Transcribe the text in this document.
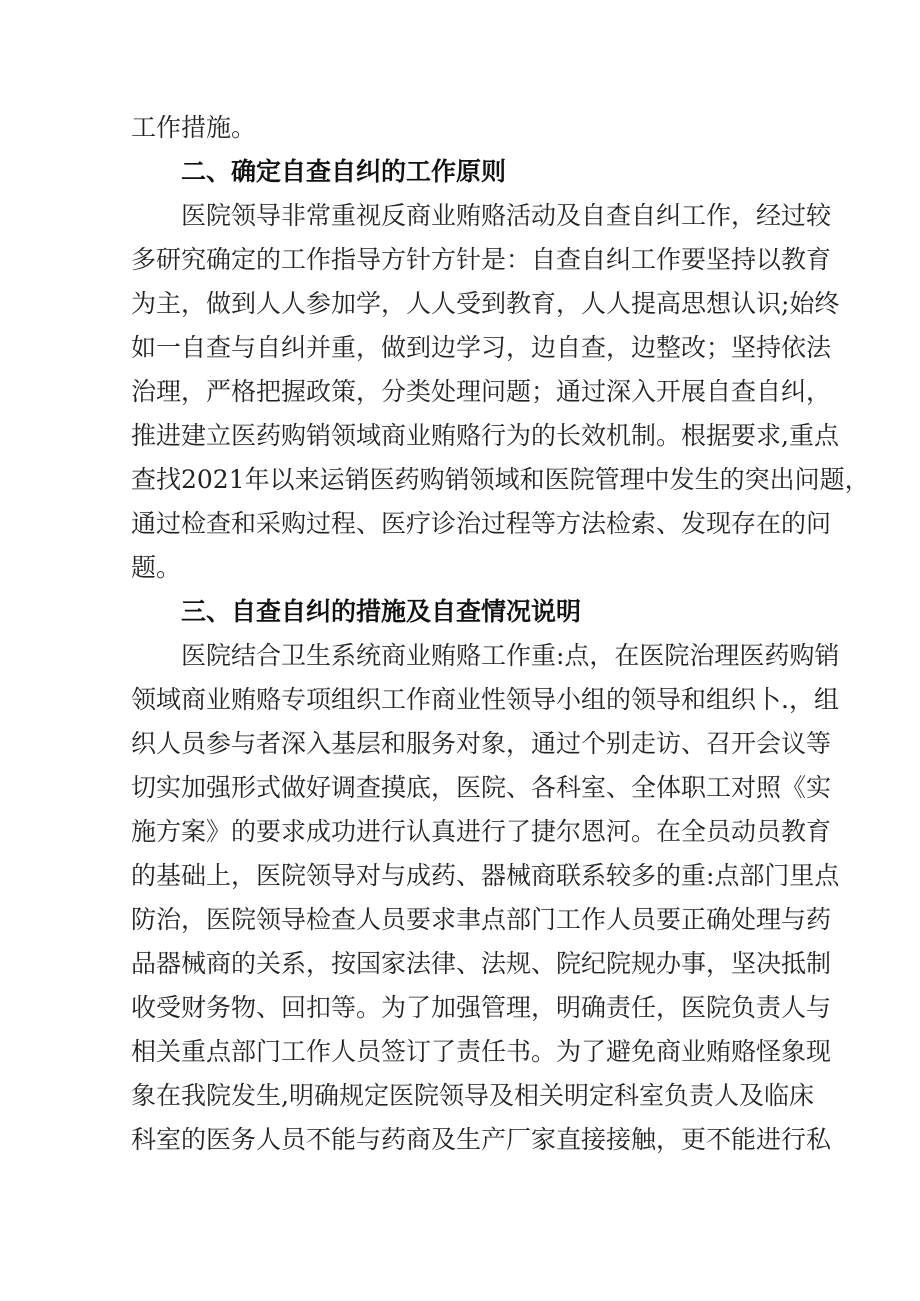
工作措施。
二、确定自查自纠的工作原则
医院领导非常重视反商业贿赂活动及自查自纠工作，经过较
多研究确定的工作指导方针方针是：自查自纠工作要坚持以教育
为主，做到人人参加学，人人受到教育，人人提高思想认识;始终
如一自查与自纠并重，做到边学习，边自查，边整改；坚持依法
治理，严格把握政策，分类处理问题；通过深入开展自查自纠，
推进建立医药购销领域商业贿赂行为的长效机制。根据要求,重点
查找2021年以来运销医药购销领域和医院管理中发生的突出问题，
通过检查和采购过程、医疗诊治过程等方法检索、发现存在的问
题。
三、自查自纠的措施及自查情况说明
医院结合卫生系统商业贿赂工作重:点，在医院治理医药购销
领域商业贿赂专项组织工作商业性领导小组的领导和组织卜.，组
织人员参与者深入基层和服务对象，通过个别走访、召开会议等
切实加强形式做好调查摸底，医院、各科室、全体职工对照《实
施方案》的要求成功进行认真进行了捷尔恩河。在全员动员教育
的基础上，医院领导对与成药、器械商联系较多的重:点部门里点
防治，医院领导检查人员要求聿点部门工作人员要正确处理与药
品器械商的关系，按国家法律、法规、院纪院规办事，坚决抵制
收受财务物、回扣等。为了加强管理，明确责任，医院负责人与
相关重点部门工作人员签订了责任书。为了避免商业贿赂怪象现
象在我院发生,明确规定医院领导及相关明定科室负责人及临床
科室的医务人员不能与药商及生产厂家直接接触，更不能进行私
